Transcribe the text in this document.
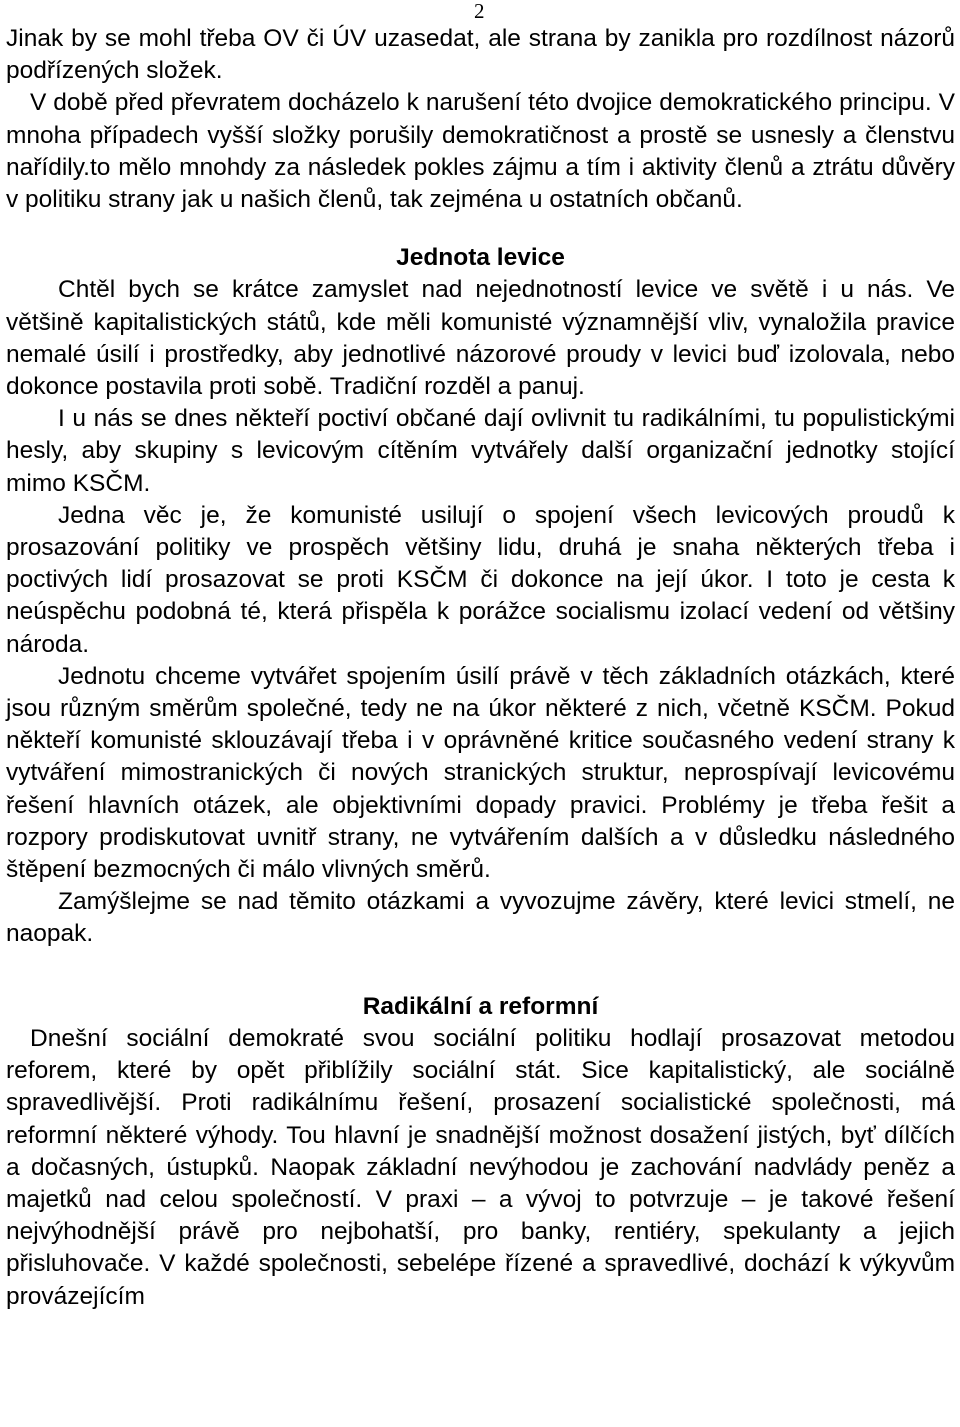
2

Jinak by se mohl třeba OV či ÚV uzasedat, ale strana by zanikla pro rozdílnost názorů podřízených složek.

V době před převratem docházelo k narušení této dvojice demokratického principu. V mnoha případech vyšší složky porušily demokratičnost a prostě se usnesly a členstvu nařídily.to mělo mnohdy za následek pokles zájmu a tím i aktivity členů a ztrátu důvěry v politiku strany jak u našich členů, tak zejména u ostatních občanů.

Jednota levice

Chtěl bych se krátce zamyslet nad nejednotností levice ve světě i u nás. Ve většině kapitalistických států, kde měli komunisté významnější vliv, vynaložila pravice nemalé úsilí i prostředky, aby jednotlivé názorové proudy v levici buď izolovala, nebo dokonce postavila proti sobě. Tradiční rozděl a panuj.

I u nás se dnes někteří poctiví občané dají ovlivnit tu radikálními, tu populistickými hesly, aby skupiny s levicovým cítěním vytvářely další organizační jednotky stojící mimo KSČM.

Jedna věc je, že komunisté usilují o spojení všech levicových proudů k prosazování politiky ve prospěch většiny lidu, druhá je snaha některých třeba i poctivých lidí prosazovat se proti KSČM či dokonce na její úkor. I toto je cesta k neúspěchu podobná té, která přispěla k porážce socialismu izolací vedení od většiny národa.

Jednotu chceme vytvářet spojením úsilí právě v těch základních otázkách, které jsou různým směrům společné, tedy ne na úkor některé z nich, včetně KSČM. Pokud někteří komunisté sklouzávají třeba i v oprávněné kritice současného vedení strany k vytváření mimostranických či nových stranických struktur, neprospívají levicovému řešení hlavních otázek, ale objektivními dopady pravici. Problémy je třeba řešit a rozpory prodiskutovat uvnitř strany, ne vytvářením dalších a v důsledku následného štěpení bezmocných či málo vlivných směrů.

Zamýšlejme se nad těmito otázkami a vyvozujme závěry, které levici stmelí, ne naopak.

Radikální a reformní

Dnešní sociální demokraté svou sociální politiku hodlají prosazovat metodou reforem, které by opět přiblížily sociální stát. Sice kapitalistický, ale sociálně spravedlivější. Proti radikálnímu řešení, prosazení socialistické společnosti, má reformní některé výhody. Tou hlavní je snadnější možnost dosažení jistých, byť dílčích a dočasných, ústupků. Naopak základní nevýhodou je zachování nadvlády peněz a majetků nad celou společností. V praxi – a vývoj to potvrzuje – je takové řešení nejvýhodnější právě pro nejbohatší, pro banky, rentiéry, spekulanty a jejich přisluhovače. V každé společnosti, sebelépe řízené a spravedlivé, dochází k výkyvům provázejícím
